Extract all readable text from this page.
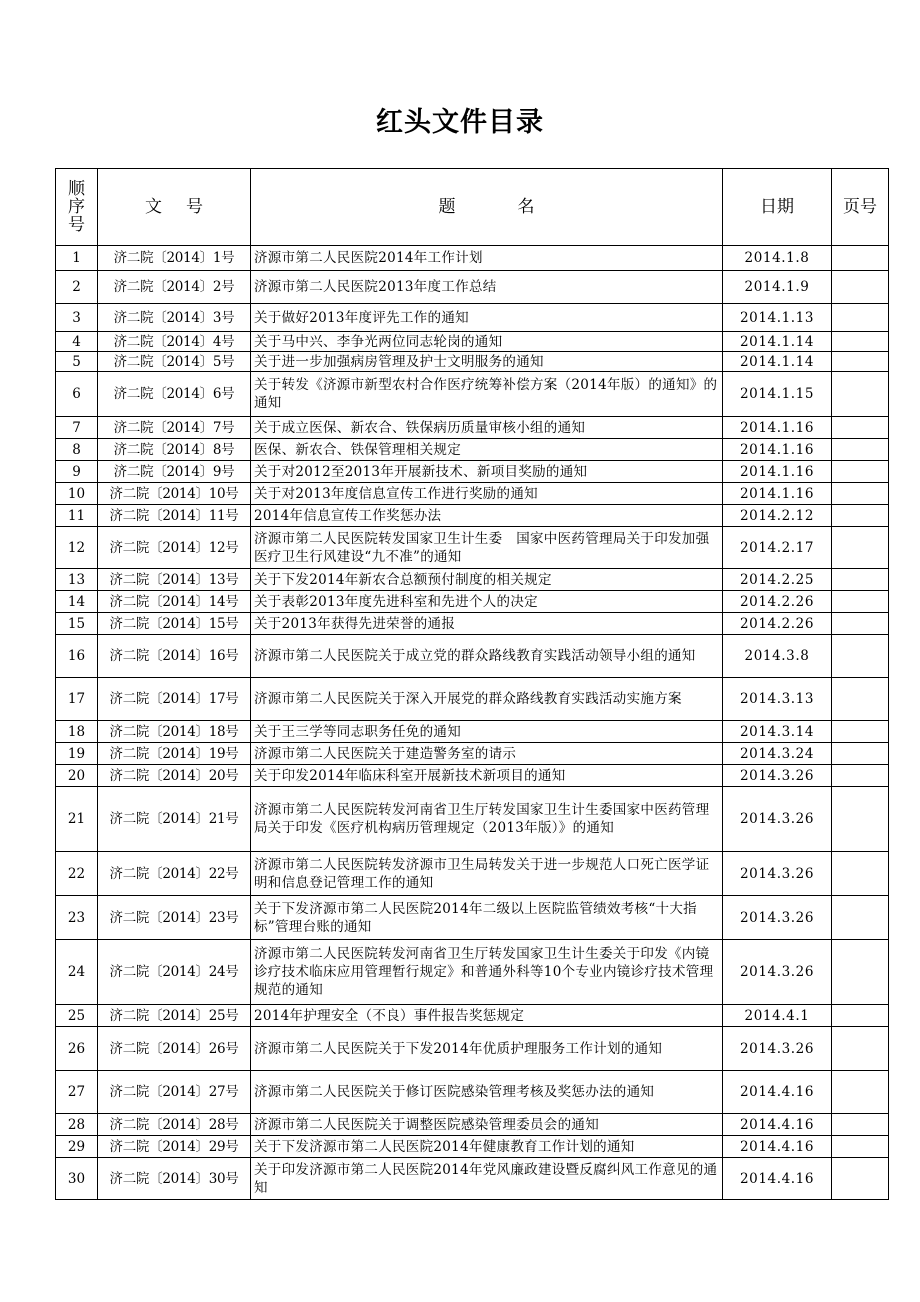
红头文件目录
顺
序
号	文号	题名	日期	页号
1	济二院〔2014〕1号	济源市第二人民医院2014年工作计划	2014.1.8	
2	济二院〔2014〕2号	济源市第二人民医院2013年度工作总结	2014.1.9	
3	济二院〔2014〕3号	关于做好2013年度评先工作的通知	2014.1.13	
4	济二院〔2014〕4号	关于马中兴、李争光两位同志轮岗的通知	2014.1.14	
5	济二院〔2014〕5号	关于进一步加强病房管理及护士文明服务的通知	2014.1.14	
6	济二院〔2014〕6号	关于转发《济源市新型农村合作医疗统筹补偿方案（2014年版）的通知》的通知	2014.1.15	
7	济二院〔2014〕7号	关于成立医保、新农合、铁保病历质量审核小组的通知	2014.1.16	
8	济二院〔2014〕8号	医保、新农合、铁保管理相关规定	2014.1.16	
9	济二院〔2014〕9号	关于对2012至2013年开展新技术、新项目奖励的通知	2014.1.16	
10	济二院〔2014〕10号	关于对2013年度信息宣传工作进行奖励的通知	2014.1.16	
11	济二院〔2014〕11号	2014年信息宣传工作奖惩办法	2014.2.12	
12	济二院〔2014〕12号	济源市第二人民医院转发国家卫生计生委　国家中医药管理局关于印发加强医疗卫生行风建设“九不准”的通知	2014.2.17	
13	济二院〔2014〕13号	关于下发2014年新农合总额预付制度的相关规定	2014.2.25	
14	济二院〔2014〕14号	关于表彰2013年度先进科室和先进个人的决定	2014.2.26	
15	济二院〔2014〕15号	关于2013年获得先进荣誉的通报	2014.2.26	
16	济二院〔2014〕16号	济源市第二人民医院关于成立党的群众路线教育实践活动领导小组的通知	2014.3.8	
17	济二院〔2014〕17号	济源市第二人民医院关于深入开展党的群众路线教育实践活动实施方案	2014.3.13	
18	济二院〔2014〕18号	关于王三学等同志职务任免的通知	2014.3.14	
19	济二院〔2014〕19号	济源市第二人民医院关于建造警务室的请示	2014.3.24	
20	济二院〔2014〕20号	关于印发2014年临床科室开展新技术新项目的通知	2014.3.26	
21	济二院〔2014〕21号	济源市第二人民医院转发河南省卫生厅转发国家卫生计生委国家中医药管理局关于印发《医疗机构病历管理规定（2013年版）》的通知	2014.3.26	
22	济二院〔2014〕22号	济源市第二人民医院转发济源市卫生局转发关于进一步规范人口死亡医学证明和信息登记管理工作的通知	2014.3.26	
23	济二院〔2014〕23号	关于下发济源市第二人民医院2014年二级以上医院监管绩效考核“十大指标”管理台账的通知	2014.3.26	
24	济二院〔2014〕24号	济源市第二人民医院转发河南省卫生厅转发国家卫生计生委关于印发《内镜诊疗技术临床应用管理暂行规定》和普通外科等10个专业内镜诊疗技术管理规范的通知	2014.3.26	
25	济二院〔2014〕25号	2014年护理安全（不良）事件报告奖惩规定	2014.4.1	
26	济二院〔2014〕26号	济源市第二人民医院关于下发2014年优质护理服务工作计划的通知	2014.3.26	
27	济二院〔2014〕27号	济源市第二人民医院关于修订医院感染管理考核及奖惩办法的通知	2014.4.16	
28	济二院〔2014〕28号	济源市第二人民医院关于调整医院感染管理委员会的通知	2014.4.16	
29	济二院〔2014〕29号	关于下发济源市第二人民医院2014年健康教育工作计划的通知	2014.4.16	
30	济二院〔2014〕30号	关于印发济源市第二人民医院2014年党风廉政建设暨反腐纠风工作意见的通知	2014.4.16	
